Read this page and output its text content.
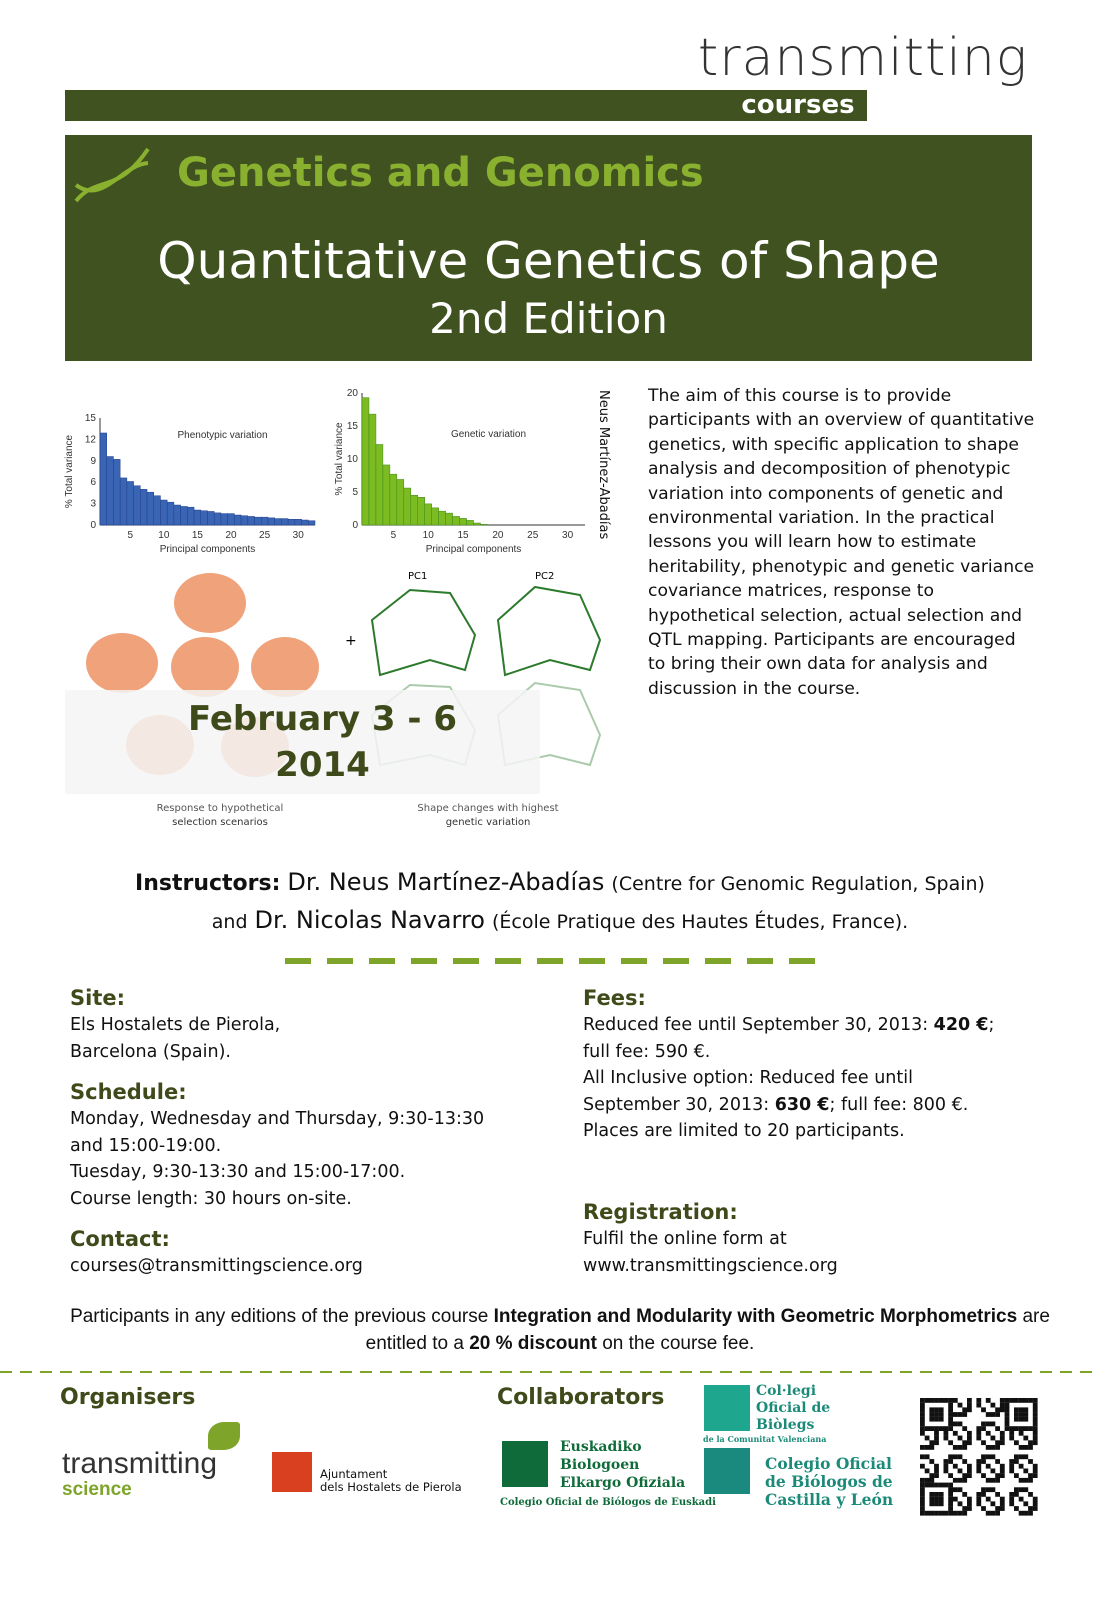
transmitting
courses
Genetics and Genomics
Quantitative Genetics of Shape
2nd Edition
0
3
6
9
12
15
5	10 15 20 25 30
Principal components
% Total variance	Phenotypic variation
0
5
10
15
20
5	10 15 20 25 30
Principal components
% Total variance	Genetic variation	Neus Martínez-Abadías
+
PC1	PC2
Response to hypothetical
selection scenarios
Shape changes with highest
genetic variation
February 3 - 6
2014
The aim of this course is to provide participants with an overview of quantitative genetics, with specific application to shape analysis and decomposition of phenotypic variation into components of genetic and environmental variation. In the practical lessons you will learn how to estimate heritability, phenotypic and genetic variance covariance matrices, response to hypothetical selection, actual selection and QTL mapping. Participants are encouraged to bring their own data for analysis and discussion in the course.
Instructors: Dr. Neus Martínez-Abadías (Centre for Genomic Regulation, Spain)
and Dr. Nicolas Navarro (École Pratique des Hautes Études, France).
Site:

Els Hostalets de Pierola,

Barcelona (Spain).

Schedule:

Monday, Wednesday and Thursday, 9:30-13:30

and 15:00-19:00.

Tuesday, 9:30-13:30 and 15:00-17:00.

Course length: 30 hours on-site.

Contact:

courses@transmittingscience.org

Fees:

Reduced fee until September 30, 2013: 420 €;

full fee: 590 €.

All Inclusive option: Reduced fee until

September 30, 2013: 630 €; full fee: 800 €.

Places are limited to 20 participants.

Registration:

Fulfil the online form at

www.transmittingscience.org

Participants in any editions of the previous course Integration and Modularity with Geometric Morphometrics are entitled to a 20 % discount on the course fee.
Organisers	Collaborators
transmitting
science
Ajuntament
dels Hostalets de Pierola
Euskadiko
Biologoen
Elkargo Ofiziala
Colegio Oficial de Biólogos de Euskadi
Col·legi
Oficial de
Biòlegs
de la Comunitat Valenciana
Colegio Oficial
de Biólogos de
Castilla y León
